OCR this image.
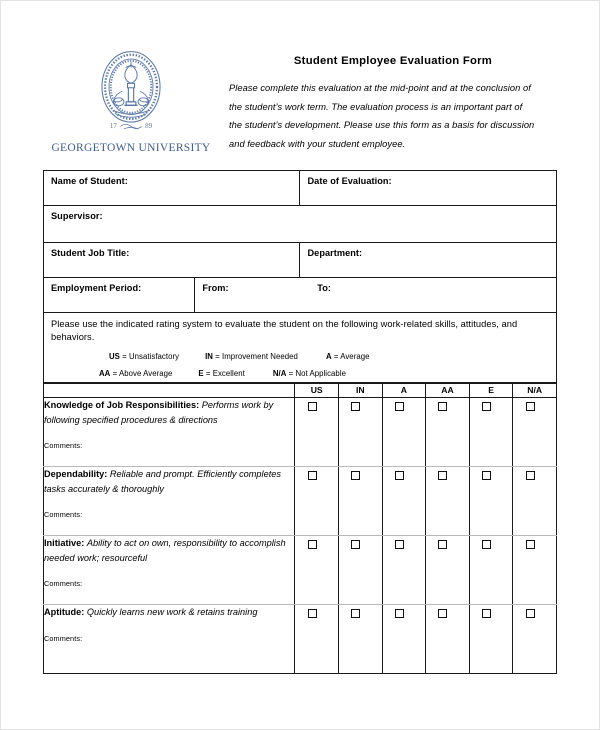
17	89
GEORGETOWN UNIVERSITY
Student Employee Evaluation Form
Please complete this evaluation at the mid-point and at the conclusion of
the student’s work term. The evaluation process is an important part of
the student’s development. Please use this form as a basis for discussion
and feedback with your student employee.
Name of Student:		Date of Evaluation:
Supervisor:		
Student Job Title:		Department:
Employment Period:	From: To:	

Please use the indicated rating system to evaluate the student on the following work-related skills, attitudes, and behaviors.
US = Unsatisfactory	IN = Improvement Needed	A = Average
AA = Above Average	E = Excellent	N/A = Not Applicable
	US	IN	A	AA	E	N/A

Knowledge of Job Responsibilities: Performs work by following specified procedures & directions
Comments:						

Dependability: Reliable and prompt. Efficiently completes tasks accurately & thoroughly
Comments:						

Initiative: Ability to act on own, responsibility to accomplish needed work; resourceful
Comments:						

Aptitude: Quickly learns new work & retains training
Comments:						
